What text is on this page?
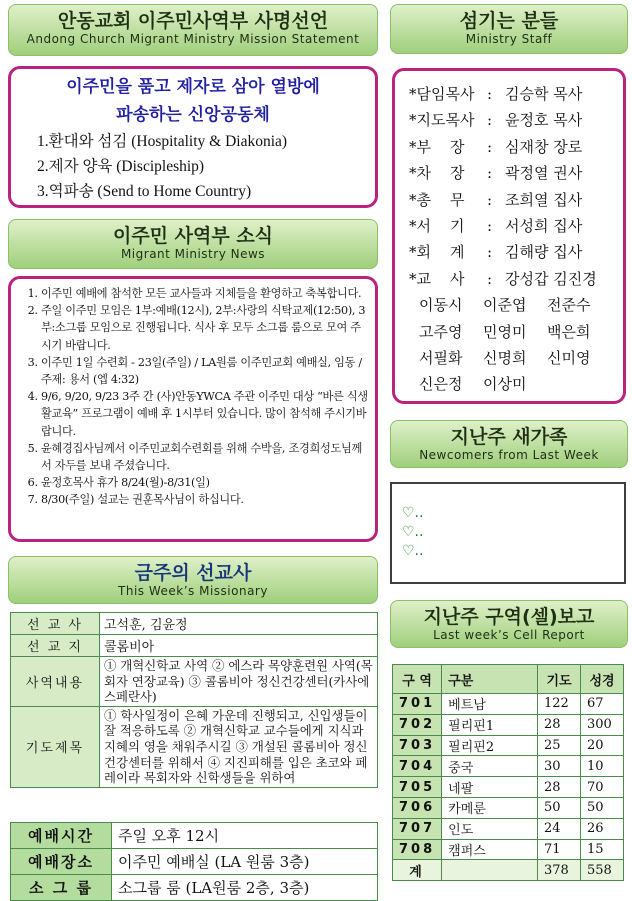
안동교회 이주민사역부 사명선언
Andong Church Migrant Ministry Mission Statement
이주민을 품고 제자로 삼아 열방에
파송하는 신앙공동체
1.환대와 섬김 (Hospitality & Diakonia)
2.제자 양육 (Discipleship)
3.역파송 (Send to Home Country)
이주민 사역부 소식
Migrant Ministry News
1. 이주민 예배에 참석한 모든 교사들과 지체들을 환영하고 축복합니다.
2. 주일 이주민 모임은 1부:예배(12시), 2부:사랑의 식탁교제(12:50), 3부:소그룹 모임으로 진행됩니다. 식사 후 모두 소그룹 룸으로 모여 주시기 바랍니다.
3. 이주민 1일 수련회 - 23일(주일) / LA원룸 이주민교회 예배실, 임동 / 주제: 용서 (엡 4:32)
4. 9/6, 9/20, 9/23 3주 간 (사)안동YWCA 주관 이주민 대상 “바른 식생활교육” 프로그램이 예배 후 1시부터 있습니다. 많이 참석해 주시기바랍니다.
5. 윤혜경집사님께서 이주민교회수련회를 위해 수박을, 조경희성도님께서 자두를 보내 주셨습니다.
6. 윤정호목사 휴가 8/24(월)-8/31(일)
7. 8/30(주일) 설교는 권훈목사님이 하십니다.
금주의 선교사
This Week’s Missionary
선 교 사	고석훈, 김윤정
선 교 지	콜롬비아
사역내용	① 개혁신학교 사역 ② 에스라 목양훈련원 사역(목회자 연장교육) ③ 콜롬비아 정신건강센터(카사에스페란사)
기도제목	① 학사일정이 은혜 가운데 진행되고, 신입생들이 잘 적응하도록 ② 개혁신학교 교수들에게 지식과 지혜의 영을 채워주시길 ③ 개설된 콜롬비아 정신건강센터를 위해서 ④ 지진피해를 입은 초코와 페레이라 목회자와 신학생들을 위하여
예배시간	주일 오후 12시
예배장소	이주민 예배실 (LA 원룸 3층)
소 그 룹	소그룹 룸 (LA원룸 2층, 3층)
섬기는 분들
Ministry Staff
*담임목사 : 김승학 목사
*지도목사 : 윤정호 목사
*부    장 : 심재창 장로
*차    장 : 곽정열 권사
*총    무 : 조희열 집사
*서    기 : 서성희 집사
*회    계 : 김해량 집사
*교    사 : 강성갑 김진경
이동시 이준엽 전준수
고주영 민영미 백은희
서필화 신명희 신미영
신은정 이상미
지난주 새가족
Newcomers from Last Week
♡..
♡..
♡..
지난주 구역(셀)보고
Last week’s Cell Report
구 역	구분	기도	성경
701	베트남	122	67
702	필리핀1	28	300
703	필리핀2	25	20
704	중국	30	10
705	네팔	28	70
706	카메룬	50	50
707	인도	24	26
708	캠퍼스	71	15
계		378	558
